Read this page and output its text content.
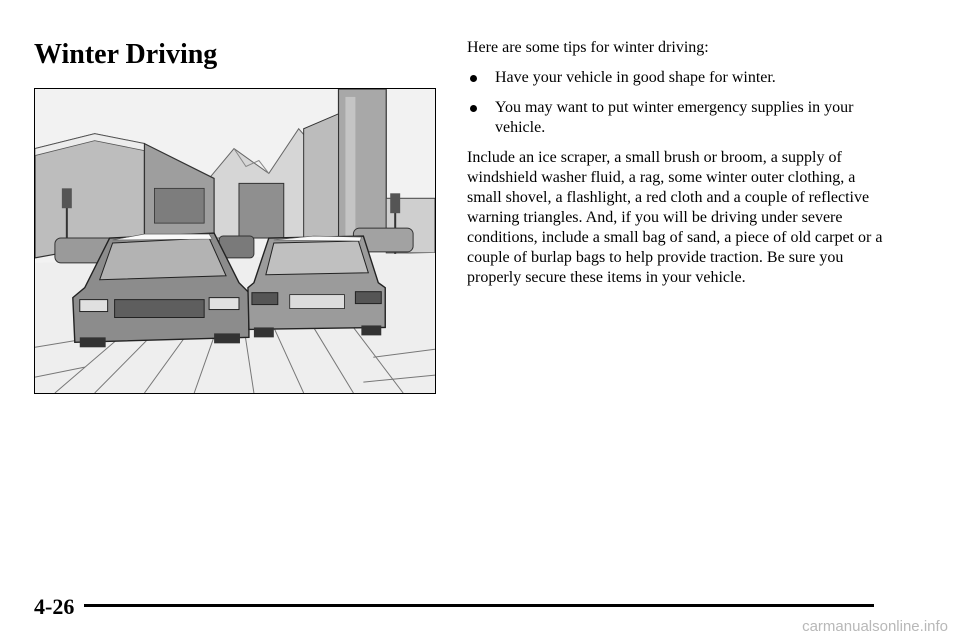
Winter Driving	Here are some tips for winter driving:

Have your vehicle in good shape for winter.
You may want to put winter emergency supplies in your vehicle.

Include an ice scraper, a small brush or broom, a supply of windshield washer fluid, a rag, some winter outer clothing, a small shovel, a flashlight, a red cloth and a couple of reflective warning triangles. And, if you will be driving under severe conditions, include a small bag of sand, a piece of old carpet or a couple of burlap bags to help provide traction. Be sure you properly secure these items in your vehicle.

4-26
carmanualsonline.info
